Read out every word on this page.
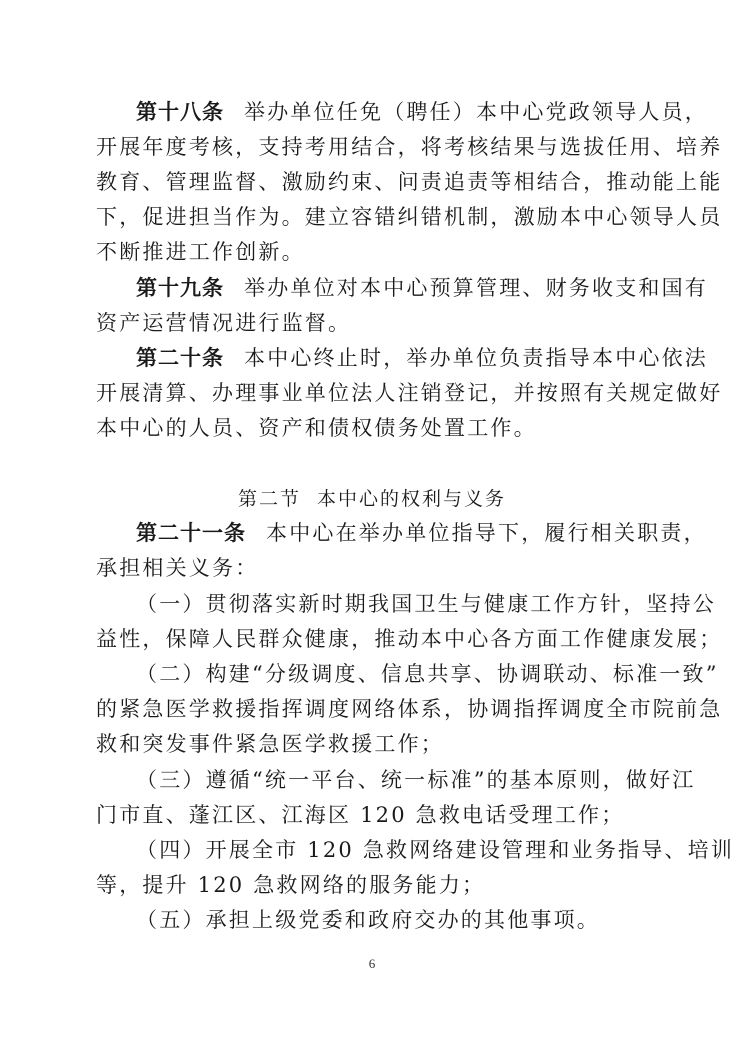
第十八条 举办单位任免（聘任）本中心党政领导人员，
开展年度考核，支持考用结合，将考核结果与选拔任用、培养
教育、管理监督、激励约束、问责追责等相结合，推动能上能
下，促进担当作为。建立容错纠错机制，激励本中心领导人员
不断推进工作创新。
第十九条 举办单位对本中心预算管理、财务收支和国有
资产运营情况进行监督。
第二十条 本中心终止时，举办单位负责指导本中心依法
开展清算、办理事业单位法人注销登记，并按照有关规定做好
本中心的人员、资产和债权债务处置工作。
第二节  本中心的权利与义务
第二十一条 本中心在举办单位指导下，履行相关职责，
承担相关义务：
（一）贯彻落实新时期我国卫生与健康工作方针，坚持公
益性，保障人民群众健康，推动本中心各方面工作健康发展；
（二）构建“分级调度、信息共享、协调联动、标准一致”
的紧急医学救援指挥调度网络体系，协调指挥调度全市院前急
救和突发事件紧急医学救援工作；
（三）遵循“统一平台、统一标准”的基本原则，做好江
门市直、蓬江区、江海区 120 急救电话受理工作；
（四）开展全市 120 急救网络建设管理和业务指导、培训
等，提升 120 急救网络的服务能力；
（五）承担上级党委和政府交办的其他事项。
6
